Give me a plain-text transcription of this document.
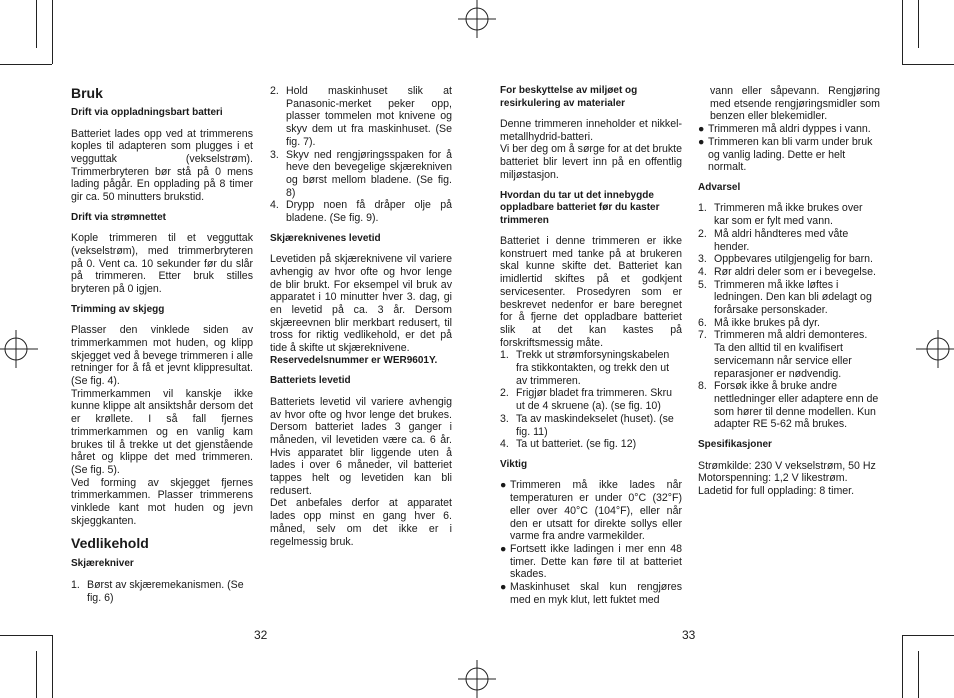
Bruk

Drift via oppladningsbart batteri

Batteriet lades opp ved at trimmerens koples til adapteren som plugges i et vegguttak (vekselstrøm). Trimmerbryteren bør stå på 0 mens lading pågår. En opplading på 8 timer gir ca. 50 minutters brukstid.

Drift via strømnettet

Kople trimmeren til et vegguttak (vekselstrøm), med trimmerbryteren på 0. Vent ca. 10 sekunder før du slår på trimmeren. Etter bruk stilles bryteren på 0 igjen.

Trimming av skjegg

Plasser den vinklede siden av trimmerkammen mot huden, og klipp skjegget ved å bevege trimmeren i alle retninger for å få et jevnt klippresultat. (Se fig. 4).

Trimmerkammen vil kanskje ikke kunne klippe alt ansiktshår dersom det er krøllete. I så fall fjernes trimmerkammen og en vanlig kam brukes til å trekke ut det gjenstående håret og klippe det med trimmeren. (Se fig. 5).

Ved forming av skjegget fjernes trimmerkammen. Plasser trimmerens vinklede kant mot huden og jevn skjeggkanten.

Vedlikehold

Skjærekniver

1. Børst av skjæremekanismen. (Se fig. 6)
2. Hold maskinhuset slik at Panasonic-merket peker opp, plasser tommelen mot knivene og skyv dem ut fra maskinhuset. (Se fig. 7).
3. Skyv ned rengjøringsspaken for å heve den bevegelige skjærekniven og børst mellom bladene. (Se fig. 8)
4. Drypp noen få dråper olje på bladene. (Se fig. 9).

Skjæreknivenes levetid

Levetiden på skjæreknivene vil variere avhengig av hvor ofte og hvor lenge de blir brukt. For eksempel vil bruk av apparatet i 10 minutter hver 3. dag, gi en levetid på ca. 3 år. Dersom skjæreevnen blir merkbart redusert, til tross for riktig vedlikehold, er det på tide å skifte ut skjæreknivene.

Reservedelsnummer er WER9601Y.

Batteriets levetid

Batteriets levetid vil variere avhengig av hvor ofte og hvor lenge det brukes. Dersom batteriet lades 3 ganger i måneden, vil levetiden være ca. 6 år. Hvis apparatet blir liggende uten å lades i over 6 måneder, vil batteriet tappes helt og levetiden kan bli redusert.

Det anbefales derfor at apparatet lades opp minst en gang hver 6. måned, selv om det ikke er i regelmessig bruk.

For beskyttelse av miljøet og resirkulering av materialer

Denne trimmeren inneholder et nikkel-metallhydrid-batteri.

Vi ber deg om å sørge for at det brukte batteriet blir levert inn på en offentlig miljøstasjon.

Hvordan du tar ut det innebygde oppladbare batteriet før du kaster trimmeren

Batteriet i denne trimmeren er ikke konstruert med tanke på at brukeren skal kunne skifte det. Batteriet kan imidlertid skiftes på et godkjent servicesenter. Prosedyren som er beskrevet nedenfor er bare beregnet for å fjerne det oppladbare batteriet slik at det kan kastes på forskriftsmessig måte.

1. Trekk ut strømforsyningskabelen fra stikkontakten, og trekk den ut av trimmeren.
2. Frigjør bladet fra trimmeren. Skru ut de 4 skruene (a). (se fig. 10)
3. Ta av maskindekselet (huset). (se fig. 11)
4. Ta ut batteriet. (se fig. 12)

Viktig

● Trimmeren må ikke lades når temperaturen er under 0°C (32°F) eller over 40°C (104°F), eller når den er utsatt for direkte sollys eller varme fra andre varmekilder.
● Fortsett ikke ladingen i mer enn 48 timer. Dette kan føre til at batteriet skades.
● Maskinhuset skal kun rengjøres med en myk klut, lett fuktet med

vann eller såpevann. Rengjøring med etsende rengjøringsmidler som benzen eller blekemidler.

● Trimmeren må aldri dyppes i vann.
● Trimmeren kan bli varm under bruk og vanlig lading. Dette er helt normalt.

Advarsel

1. Trimmeren må ikke brukes over kar som er fylt med vann.
2. Må aldri håndteres med våte hender.
3. Oppbevares utilgjengelig for barn.
4. Rør aldri deler som er i bevegelse.
5. Trimmeren må ikke løftes i ledningen. Den kan bli ødelagt og forårsake personskader.
6. Må ikke brukes på dyr.
7. Trimmeren må aldri demonteres. Ta den alltid til en kvalifisert servicemann når service eller reparasjoner er nødvendig.
8. Forsøk ikke å bruke andre nettledninger eller adaptere enn de som hører til denne modellen. Kun adapter RE 5-62 må brukes.

Spesifikasjoner

Strømkilde: 230 V vekselstrøm, 50 Hz

Motorspenning: 1,2 V likestrøm.

Ladetid for full opplading: 8 timer.

32	33
